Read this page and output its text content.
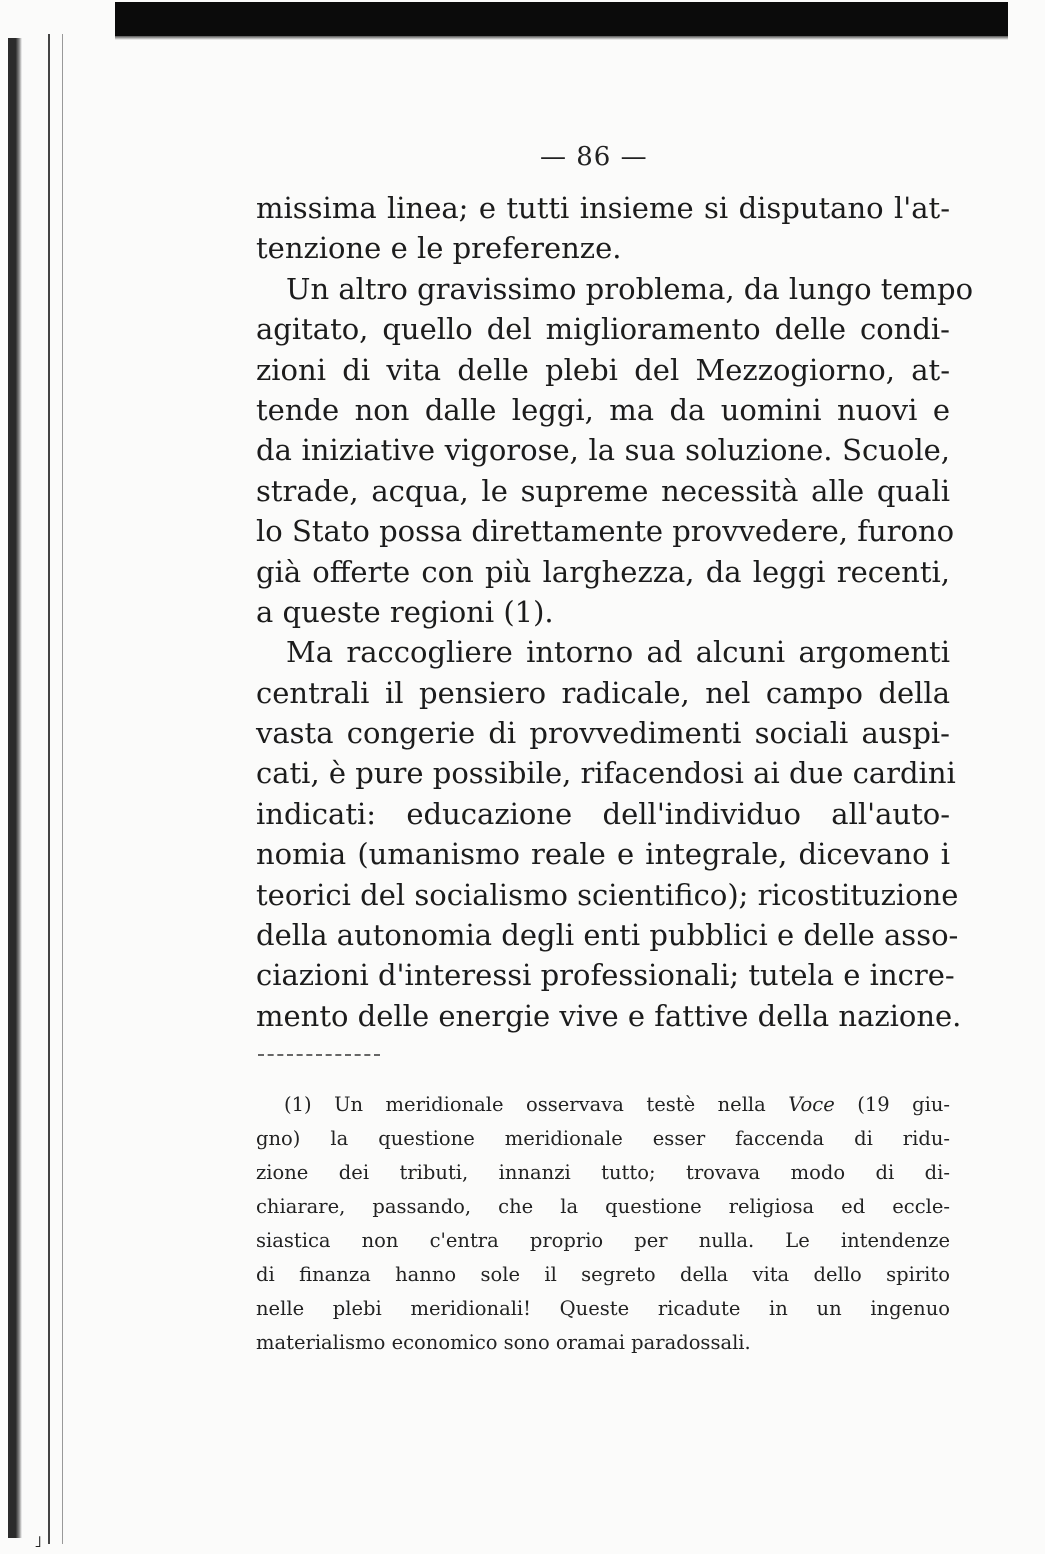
˩
— 86 —
missima linea; e tutti insieme si disputano l'at-
tenzione e le preferenze.
Un altro gravissimo problema, da lungo tempo
agitato, quello del miglioramento delle condi-
zioni di vita delle plebi del Mezzogiorno, at-
tende non dalle leggi, ma da uomini nuovi e
da iniziative vigorose, la sua soluzione. Scuole,
strade, acqua, le supreme necessità alle quali
lo Stato possa direttamente provvedere, furono
già offerte con più larghezza, da leggi recenti,
a queste regioni (1).
Ma raccogliere intorno ad alcuni argomenti
centrali il pensiero radicale, nel campo della
vasta congerie di provvedimenti sociali auspi-
cati, è pure possibile, rifacendosi ai due cardini
indicati: educazione dell'individuo all'auto-
nomia (umanismo reale e integrale, dicevano i
teorici del socialismo scientifico); ricostituzione
della autonomia degli enti pubblici e delle asso-
ciazioni d'interessi professionali; tutela e incre-
mento delle energie vive e fattive della nazione.
(1) Un meridionale osservava testè nella Voce (19 giu-
gno) la questione meridionale esser faccenda di ridu-
zione dei tributi, innanzi tutto; trovava modo di di-
chiarare, passando, che la questione religiosa ed eccle-
siastica non c'entra proprio per nulla. Le intendenze
di finanza hanno sole il segreto della vita dello spirito
nelle plebi meridionali! Queste ricadute in un ingenuo
materialismo economico sono oramai paradossali.
